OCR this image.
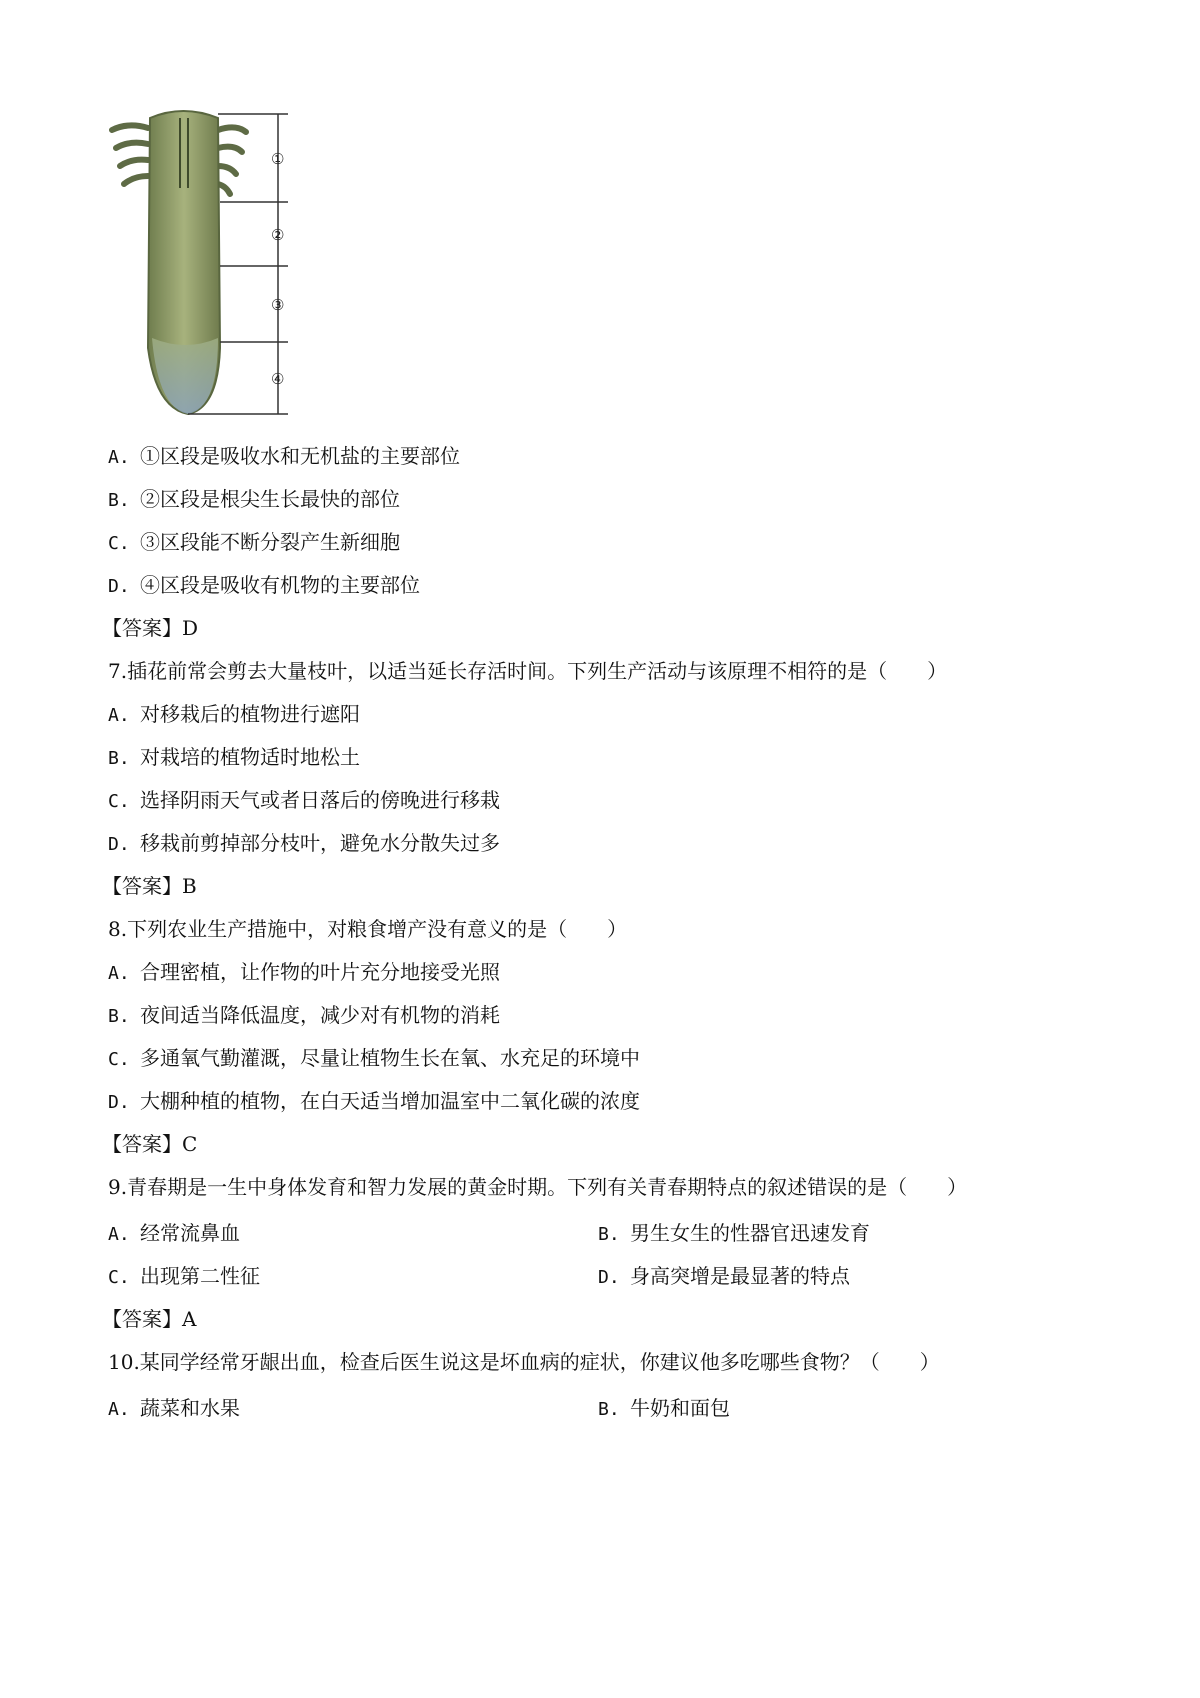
①
②
③
④
A. ①区段是吸收水和无机盐的主要部位
B. ②区段是根尖生长最快的部位
C. ③区段能不断分裂产生新细胞
D. ④区段是吸收有机物的主要部位
【答案】D
7.插花前常会剪去大量枝叶，以适当延长存活时间。下列生产活动与该原理不相符的是（　　）
A. 对移栽后的植物进行遮阳
B. 对栽培的植物适时地松土
C. 选择阴雨天气或者日落后的傍晚进行移栽
D. 移栽前剪掉部分枝叶，避免水分散失过多
【答案】B
8.下列农业生产措施中，对粮食增产没有意义的是（　　）
A. 合理密植，让作物的叶片充分地接受光照
B. 夜间适当降低温度，减少对有机物的消耗
C. 多通氧气勤灌溉，尽量让植物生长在氧、水充足的环境中
D. 大棚种植的植物，在白天适当增加温室中二氧化碳的浓度
【答案】C
9.青春期是一生中身体发育和智力发展的黄金时期。下列有关青春期特点的叙述错误的是（　　）
A. 经常流鼻血	B. 男生女生的性器官迅速发育
C. 出现第二性征	D. 身高突增是最显著的特点
【答案】A
10.某同学经常牙龈出血，检查后医生说这是坏血病的症状，你建议他多吃哪些食物？（　　）
A. 蔬菜和水果	B. 牛奶和面包
